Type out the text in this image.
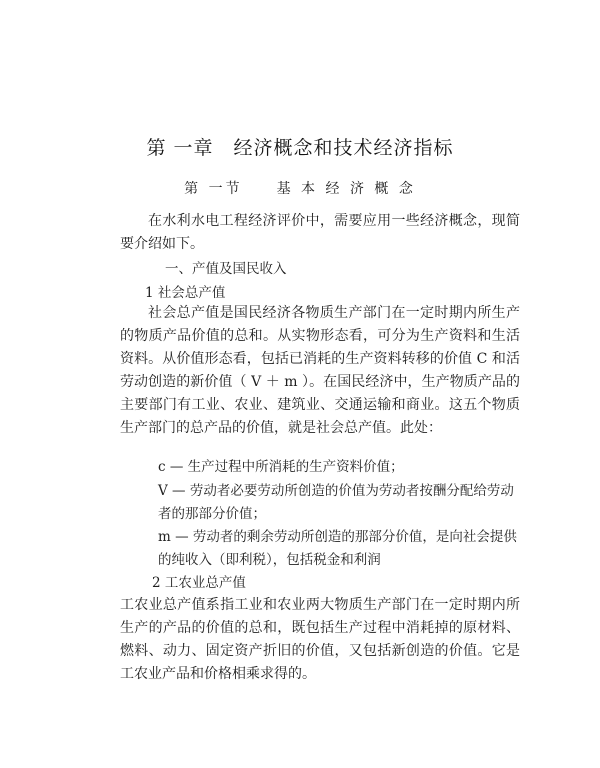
第 一章　经济概念和技术经济指标
第 一节　　基 本 经 济 概 念
在水利水电工程经济评价中，需要应用一些经济概念，现简要介绍如下。
一、产值及国民收入
1 社会总产值
社会总产值是国民经济各物质生产部门在一定时期内所生产的物质产品价值的总和。从实物形态看，可分为生产资料和生活资料。从价值形态看，包括已消耗的生产资料转移的价值 C 和活劳动创造的新价值（ V ＋ m ）。在国民经济中，生产物质产品的主要部门有工业、农业、建筑业、交通运输和商业。这五个物质生产部门的总产品的价值，就是社会总产值。此处：
c — 生产过程中所消耗的生产资料价值；
V — 劳动者必要劳动所创造的价值为劳动者按酬分配给劳动者的那部分价值；
m — 劳动者的剩余劳动所创造的那部分价值，是向社会提供的纯收入（即利税），包括税金和利润
2 工农业总产值
工农业总产值系指工业和农业两大物质生产部门在一定时期内所生产的产品的价值的总和，既包括生产过程中消耗掉的原材料、燃料、动力、固定资产折旧的价值，又包括新创造的价值。它是工农业产品和价格相乘求得的。
